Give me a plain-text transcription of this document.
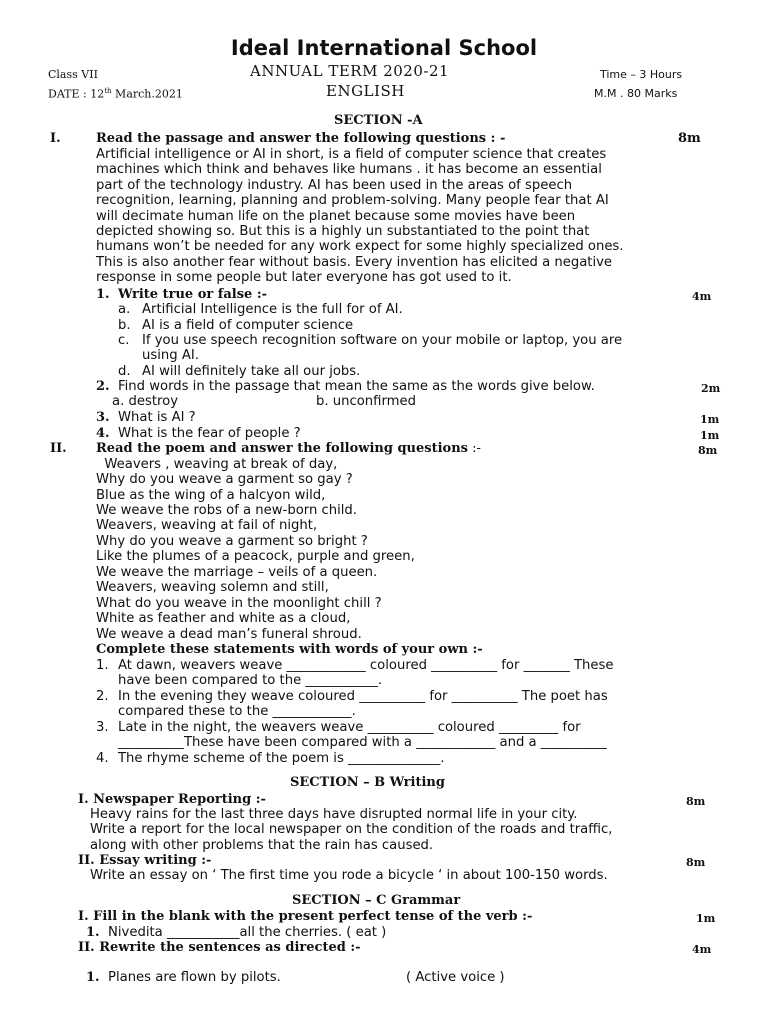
Ideal International School
Class VII	ANNUAL TERM 2020-21	Time – 3 Hours
DATE : 12th March.2021	ENGLISH	M.M . 80 Marks
SECTION -A
I.	Read the passage and answer the following questions : -	8m
Artificial intelligence or AI in short, is a field of computer science that creates
machines which think and behaves like humans . it has become an essential
part of the technology industry. AI has been used in the areas of speech
recognition, learning, planning and problem-solving. Many people fear that AI
will decimate human life on the planet because some movies have been
depicted showing so. But this is a highly un substantiated to the point that
humans won’t be needed for any work expect for some highly specialized ones.
This is also another fear without basis. Every invention has elicited a negative
response in some people but later everyone has got used to it.
1. Write true or false :-	4m
a. Artificial Intelligence is the full for of AI.
b. AI is a field of computer science
c. If you use speech recognition software on your mobile or laptop, you are
using AI.
d. AI will definitely take all our jobs.
2. Find words in the passage that mean the same as the words give below.	2m
a. destroy	b. unconfirmed
3. What is AI ?	1m
4. What is the fear of people ?	1m
II. Read the poem and answer the following questions :-	8m
Weavers , weaving at break of day,
Why do you weave a garment so gay ?
Blue as the wing of a halcyon wild,
We weave the robs of a new-born child.
Weavers, weaving at fail of night,
Why do you weave a garment so bright ?
Like the plumes of a peacock, purple and green,
We weave the marriage – veils of a queen.
Weavers, weaving solemn and still,
What do you weave in the moonlight chill ?
White as feather and white as a cloud,
We weave a dead man’s funeral shroud.
Complete these statements with words of your own :-
1. At dawn, weavers weave ____________ coloured __________ for _______ These
have been compared to the ___________.
2. In the evening they weave coloured __________ for __________ The poet has
compared these to the ____________.
3. Late in the night, the weavers weave __________ coloured _________ for
__________These have been compared with a ____________ and a __________
4. The rhyme scheme of the poem is ______________.
SECTION – B Writing
I. Newspaper Reporting :-	8m
Heavy rains for the last three days have disrupted normal life in your city.
Write a report for the local newspaper on the condition of the roads and traffic,
along with other problems that the rain has caused.
II. Essay writing :-	8m
Write an essay on ‘ The first time you rode a bicycle ‘ in about 100-150 words.
SECTION – C Grammar
I. Fill in the blank with the present perfect tense of the verb :-	1m
1. Nivedita ___________all the cherries. ( eat )
II. Rewrite the sentences as directed :-	4m
1. Planes are flown by pilots.	( Active voice )
